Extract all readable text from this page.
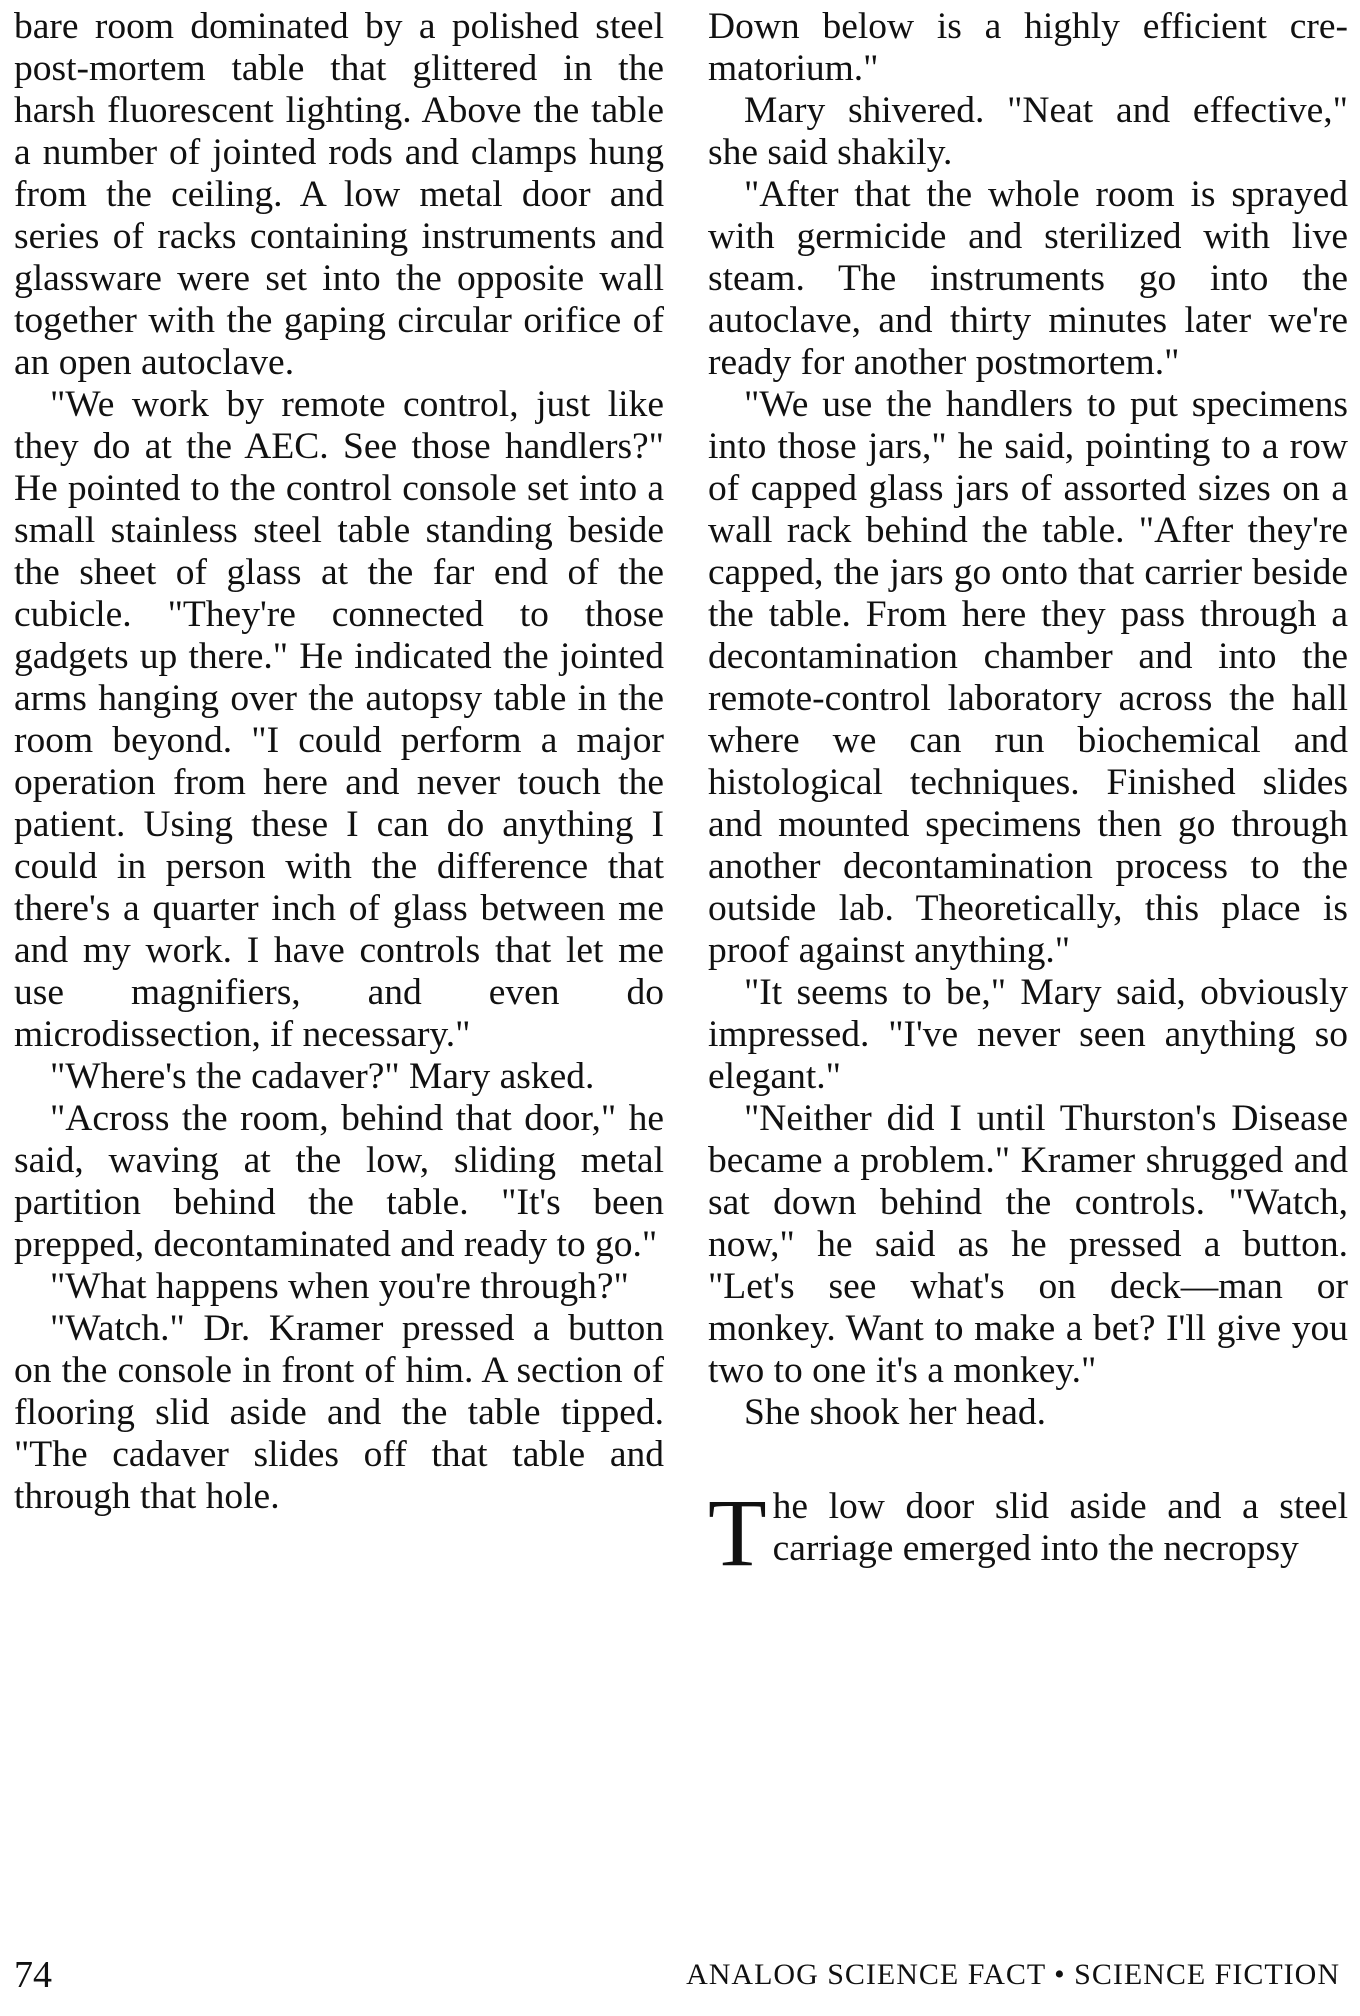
bare room dominated by a polished steel post-mortem table that glittered in the harsh fluorescent lighting. Above the table a number of jointed rods and clamps hung from the ceiling. A low metal door and series of racks containing instruments and glassware were set into the opposite wall together with the gaping circular orifice of an open autoclave.

"We work by remote control, just like they do at the AEC. See those handlers?" He pointed to the control console set into a small stainless steel table standing beside the sheet of glass at the far end of the cubicle. "They're connected to those gadgets up there." He indicated the jointed arms hanging over the autopsy table in the room beyond. "I could perform a major operation from here and never touch the patient. Using these I can do anything I could in person with the difference that there's a quarter inch of glass between me and my work. I have controls that let me use magnifiers, and even do microdissection, if necessary."

"Where's the cadaver?" Mary asked.

"Across the room, behind that door," he said, waving at the low, sliding metal partition behind the table. "It's been prepped, decontaminated and ready to go."

"What happens when you're through?"

"Watch." Dr. Kramer pressed a button on the console in front of him. A section of flooring slid aside and the table tipped. "The cadaver slides off that table and through that hole.

Down below is a highly efficient crematorium."

Mary shivered. "Neat and effective," she said shakily.

"After that the whole room is sprayed with germicide and sterilized with live steam. The instruments go into the autoclave, and thirty minutes later we're ready for another postmortem."

"We use the handlers to put specimens into those jars," he said, pointing to a row of capped glass jars of assorted sizes on a wall rack behind the table. "After they're capped, the jars go onto that carrier beside the table. From here they pass through a decontamination chamber and into the remote-control laboratory across the hall where we can run biochemical and histological techniques. Finished slides and mounted specimens then go through another decontamination process to the outside lab. Theoretically, this place is proof against anything."

"It seems to be," Mary said, obviously impressed. "I've never seen anything so elegant."

"Neither did I until Thurston's Disease became a problem." Kramer shrugged and sat down behind the controls. "Watch, now," he said as he pressed a button. "Let's see what's on deck—man or monkey. Want to make a bet? I'll give you two to one it's a monkey."

She shook her head.

The low door slid aside and a steel carriage emerged into the necropsy

74	ANALOG SCIENCE FACT • SCIENCE FICTION
